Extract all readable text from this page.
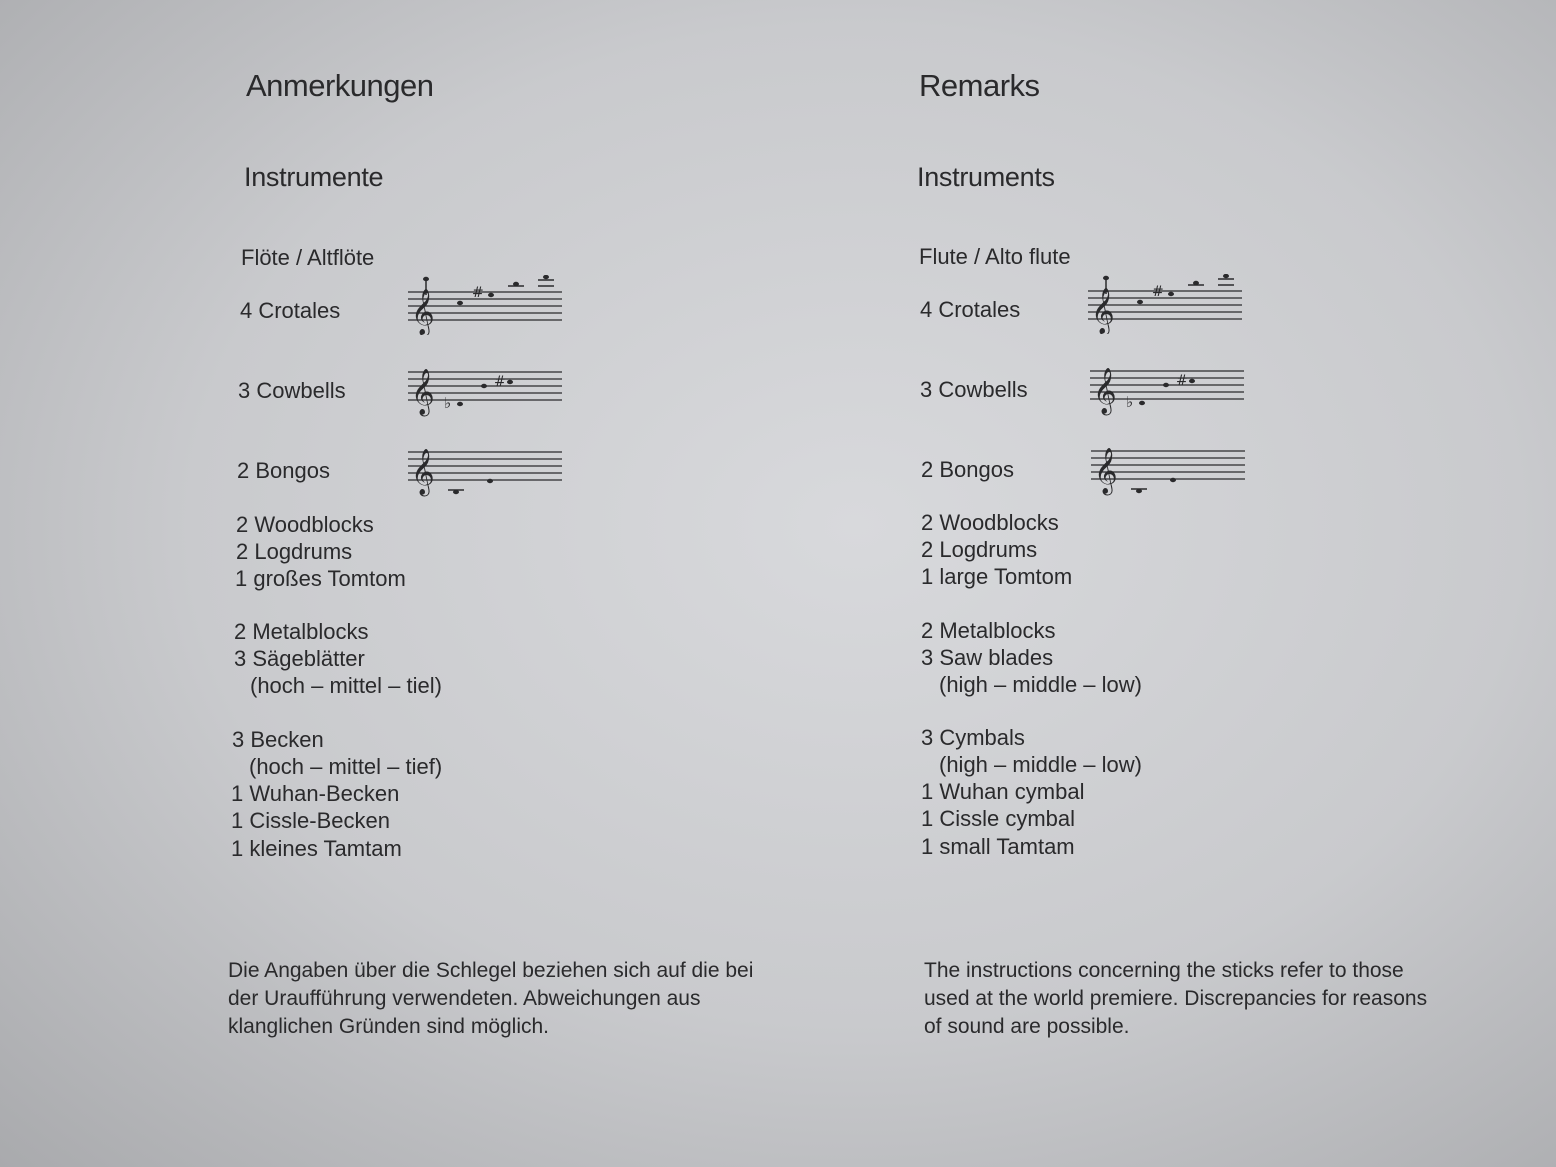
Anmerkungen
Instrumente
Flöte / Altflöte
4 Crotales
3 Cowbells
2 Bongos
2 Woodblocks
2 Logdrums
1 großes Tomtom
2 Metalblocks
3 Sägeblätter
(hoch – mittel – tiel)
3 Becken
(hoch – mittel – tief)
1 Wuhan-Becken
1 Cissle-Becken
1 kleines Tamtam
𝄞	#
𝄞 ♭
#
𝄞
Die Angaben über die Schlegel beziehen sich auf die bei der Uraufführung verwendeten. Abweichungen aus klanglichen Gründen sind möglich.
Remarks
Instruments
Flute / Alto flute
4 Crotales
3 Cowbells
2 Bongos
2 Woodblocks
2 Logdrums
1 large Tomtom
2 Metalblocks
3 Saw blades
(high – middle – low)
3 Cymbals
(high – middle – low)
1 Wuhan cymbal
1 Cissle cymbal
1 small Tamtam
𝄞	#
𝄞 ♭
#
𝄞
The instructions concerning the sticks refer to those used at the world premiere. Discrepancies for reasons of sound are possible.
